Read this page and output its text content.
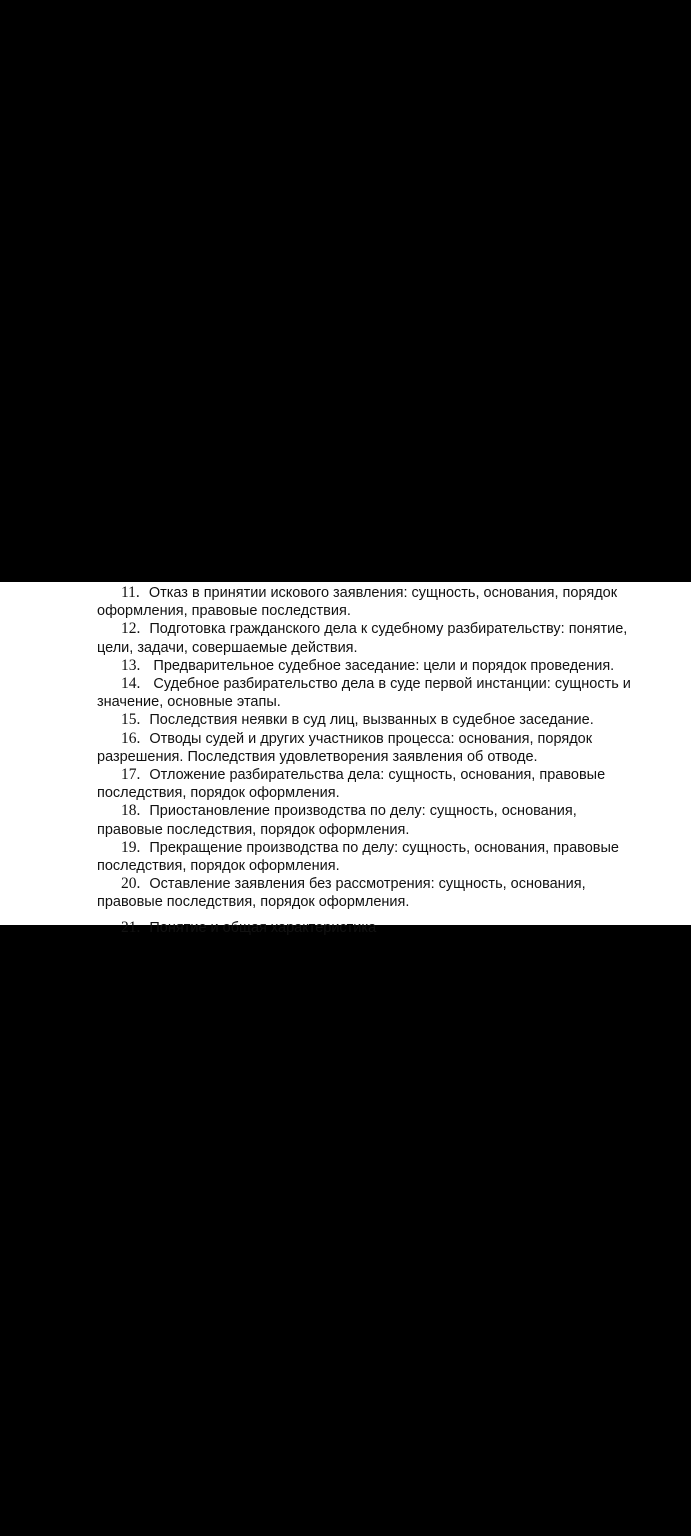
11. Отказ в принятии искового заявления: сущность, основания, порядок оформления, правовые последствия.
12. Подготовка гражданского дела к судебному разбирательству: понятие, цели, задачи, совершаемые действия.
13. Предварительное судебное заседание: цели и порядок проведения.
14. Судебное разбирательство дела в суде первой инстанции: сущность и значение, основные этапы.
15. Последствия неявки в суд лиц, вызванных в судебное заседание.
16. Отводы судей и других участников процесса: основания, порядок разрешения. Последствия удовлетворения заявления об отводе.
17. Отложение разбирательства дела: сущность, основания, правовые последствия, порядок оформления.
18. Приостановление производства по делу: сущность, основания, правовые последствия, порядок оформления.
19. Прекращение производства по делу: сущность, основания, правовые последствия, порядок оформления.
20. Оставление заявления без рассмотрения: сущность, основания, правовые последствия, порядок оформления.
21. Понятие и общая характеристика
